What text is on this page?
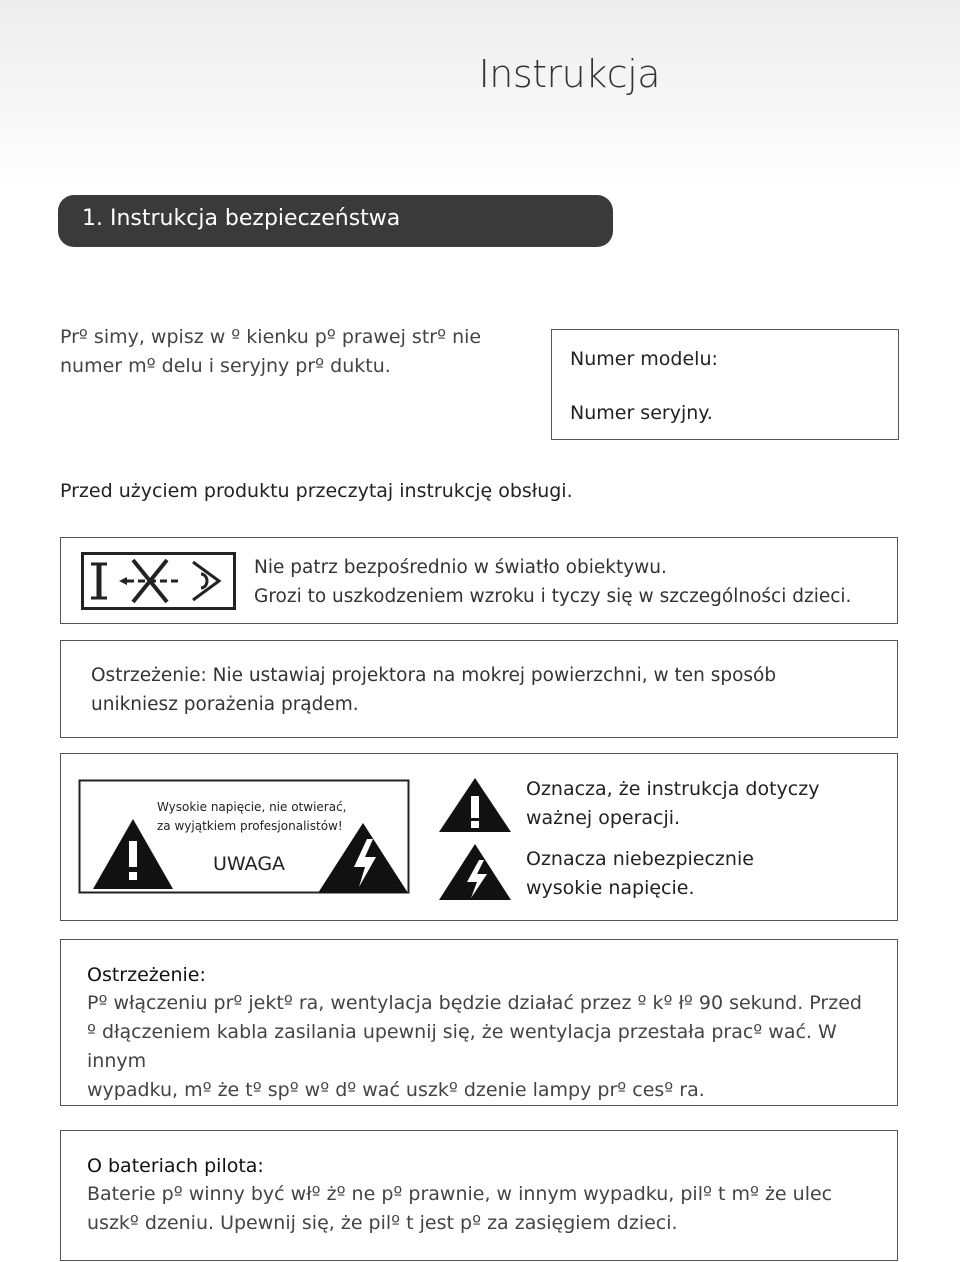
Instrukcja
1. Instrukcja bezpieczeństwa
Prº simy, wpisz w º kienku pº prawej strº nie
numer mº delu i seryjny prº duktu.	Numer modelu:
Numer seryjny.
Przed użyciem produktu przeczytaj instrukcję obsługi.
Nie patrz bezpośrednio w światło obiektywu.
Grozi to uszkodzeniem wzroku i tyczy się w szczególności dzieci.
Ostrzeżenie: Nie ustawiaj projektora na mokrej powierzchni, w ten sposób
unikniesz porażenia prądem.
Wysokie napięcie, nie otwierać,
za wyjątkiem profesjonalistów!
UWAGA
Oznacza, że instrukcja dotyczy
ważnej operacji.
Oznacza niebezpiecznie
wysokie napięcie.
Ostrzeżenie:
Pº włączeniu prº jektº ra, wentylacja będzie działać przez º kº łº 90 sekund. Przed
º dłączeniem kabla zasilania upewnij się, że wentylacja przestała pracº wać. W innym
wypadku, mº że tº spº wº dº wać uszkº dzenie lampy prº cesº ra.
O bateriach pilota:
Baterie pº winny być włº żº ne pº prawnie, w innym wypadku, pilº t mº że ulec
uszkº dzeniu. Upewnij się, że pilº t jest pº za zasięgiem dzieci.
